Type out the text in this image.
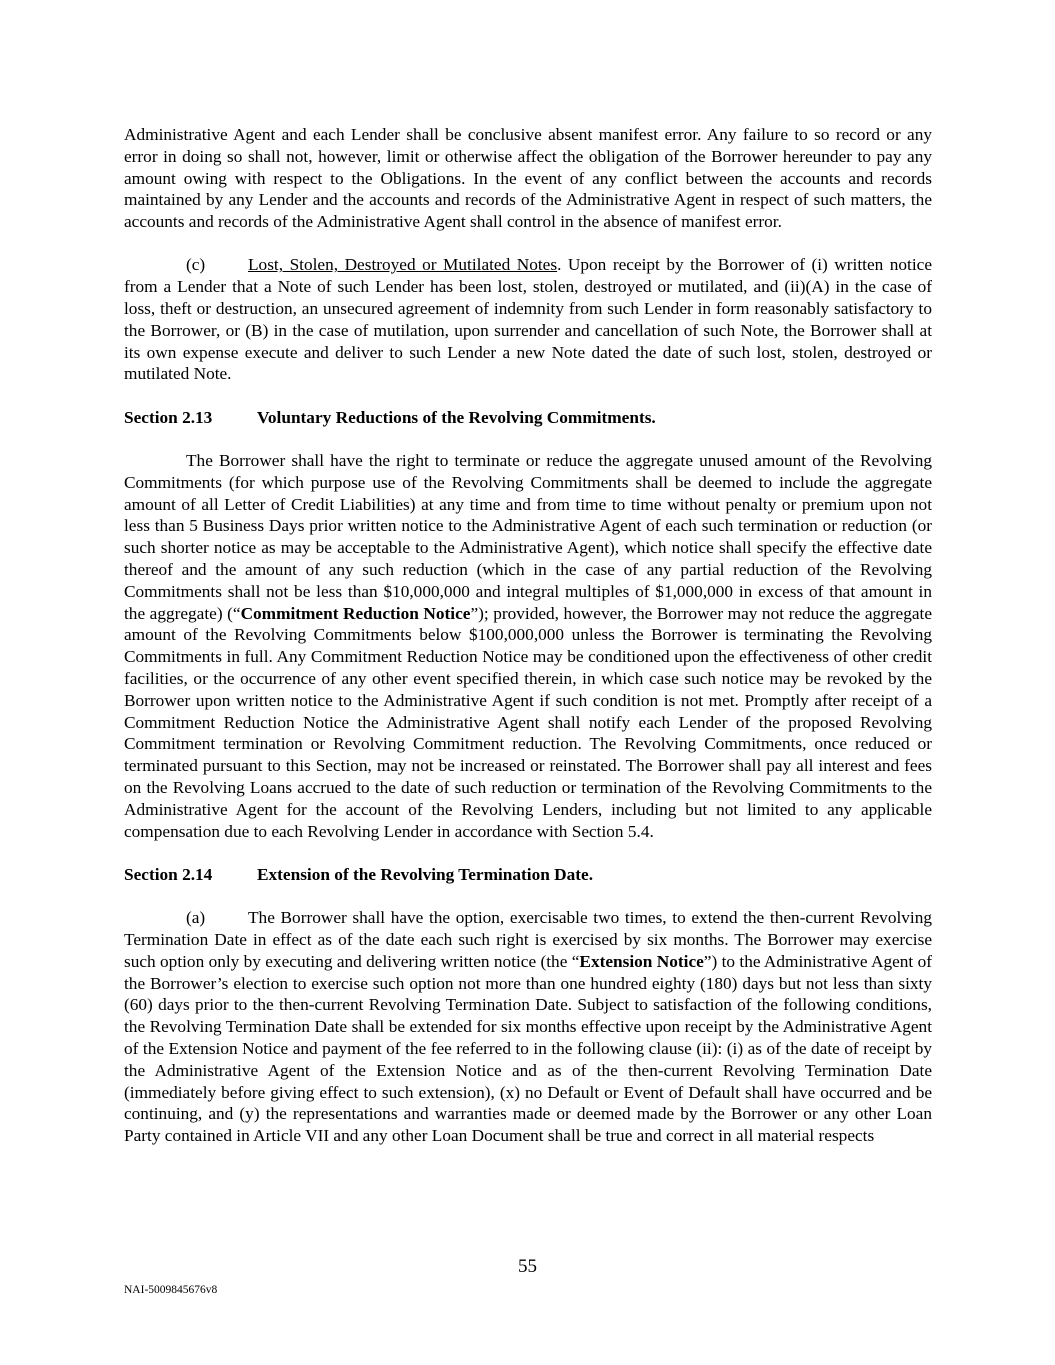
Administrative Agent and each Lender shall be conclusive absent manifest error. Any failure to so record or any error in doing so shall not, however, limit or otherwise affect the obligation of the Borrower hereunder to pay any amount owing with respect to the Obligations. In the event of any conflict between the accounts and records maintained by any Lender and the accounts and records of the Administrative Agent in respect of such matters, the accounts and records of the Administrative Agent shall control in the absence of manifest error.

(c) Lost, Stolen, Destroyed or Mutilated Notes. Upon receipt by the Borrower of (i) written notice from a Lender that a Note of such Lender has been lost, stolen, destroyed or mutilated, and (ii)(A) in the case of loss, theft or destruction, an unsecured agreement of indemnity from such Lender in form reasonably satisfactory to the Borrower, or (B) in the case of mutilation, upon surrender and cancellation of such Note, the Borrower shall at its own expense execute and deliver to such Lender a new Note dated the date of such lost, stolen, destroyed or mutilated Note.

Section 2.13	Voluntary Reductions of the Revolving Commitments.

The Borrower shall have the right to terminate or reduce the aggregate unused amount of the Revolving Commitments (for which purpose use of the Revolving Commitments shall be deemed to include the aggregate amount of all Letter of Credit Liabilities) at any time and from time to time without penalty or premium upon not less than 5 Business Days prior written notice to the Administrative Agent of each such termination or reduction (or such shorter notice as may be acceptable to the Administrative Agent), which notice shall specify the effective date thereof and the amount of any such reduction (which in the case of any partial reduction of the Revolving Commitments shall not be less than $10,000,000 and integral multiples of $1,000,000 in excess of that amount in the aggregate) (“Commitment Reduction Notice”); provided, however, the Borrower may not reduce the aggregate amount of the Revolving Commitments below $100,000,000 unless the Borrower is terminating the Revolving Commitments in full. Any Commitment Reduction Notice may be conditioned upon the effectiveness of other credit facilities, or the occurrence of any other event specified therein, in which case such notice may be revoked by the Borrower upon written notice to the Administrative Agent if such condition is not met. Promptly after receipt of a Commitment Reduction Notice the Administrative Agent shall notify each Lender of the proposed Revolving Commitment termination or Revolving Commitment reduction. The Revolving Commitments, once reduced or terminated pursuant to this Section, may not be increased or reinstated. The Borrower shall pay all interest and fees on the Revolving Loans accrued to the date of such reduction or termination of the Revolving Commitments to the Administrative Agent for the account of the Revolving Lenders, including but not limited to any applicable compensation due to each Revolving Lender in accordance with Section 5.4.

Section 2.14	Extension of the Revolving Termination Date.

(a) The Borrower shall have the option, exercisable two times, to extend the then-current Revolving Termination Date in effect as of the date each such right is exercised by six months. The Borrower may exercise such option only by executing and delivering written notice (the “Extension Notice”) to the Administrative Agent of the Borrower’s election to exercise such option not more than one hundred eighty (180) days but not less than sixty (60) days prior to the then-current Revolving Termination Date. Subject to satisfaction of the following conditions, the Revolving Termination Date shall be extended for six months effective upon receipt by the Administrative Agent of the Extension Notice and payment of the fee referred to in the following clause (ii): (i) as of the date of receipt by the Administrative Agent of the Extension Notice and as of the then-current Revolving Termination Date (immediately before giving effect to such extension), (x) no Default or Event of Default shall have occurred and be continuing, and (y) the representations and warranties made or deemed made by the Borrower or any other Loan Party contained in Article VII and any other Loan Document shall be true and correct in all material respects

55
NAI-5009845676v8
